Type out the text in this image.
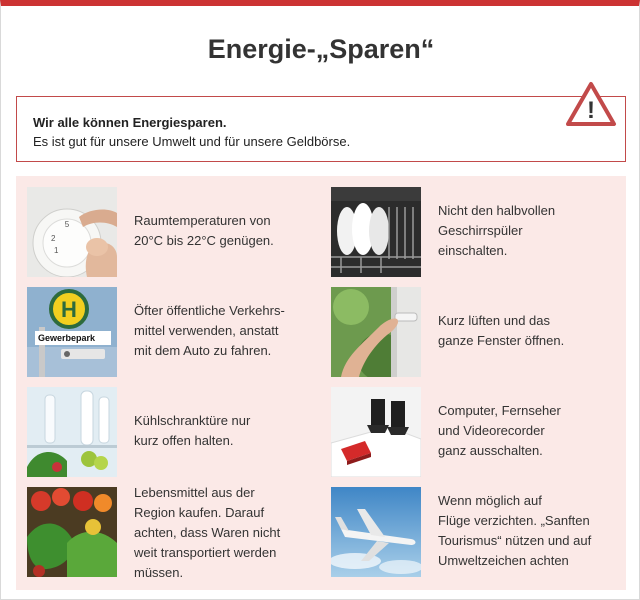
Energie-„Sparen“
Wir alle können Energiesparen.
Es ist gut für unsere Umwelt und für unsere Geldbörse.
!
5
2
1
Raumtemperaturen von
20°C bis 22°C genügen.
Nicht den halbvollen
Geschirrspüler
einschalten.
H
Gewerbepark
Öfter öffentliche Verkehrs-
mittel verwenden, anstatt
mit dem Auto zu fahren.
Kurz lüften und das
ganze Fenster öffnen.
Kühlschranktüre nur
kurz offen halten.
Computer, Fernseher
und Videorecorder
ganz ausschalten.
Lebensmittel aus der
Region kaufen. Darauf
achten, dass Waren nicht
weit transportiert werden
müssen.
Wenn möglich auf
Flüge verzichten. „Sanften
Tourismus“ nützen und auf
Umweltzeichen achten
